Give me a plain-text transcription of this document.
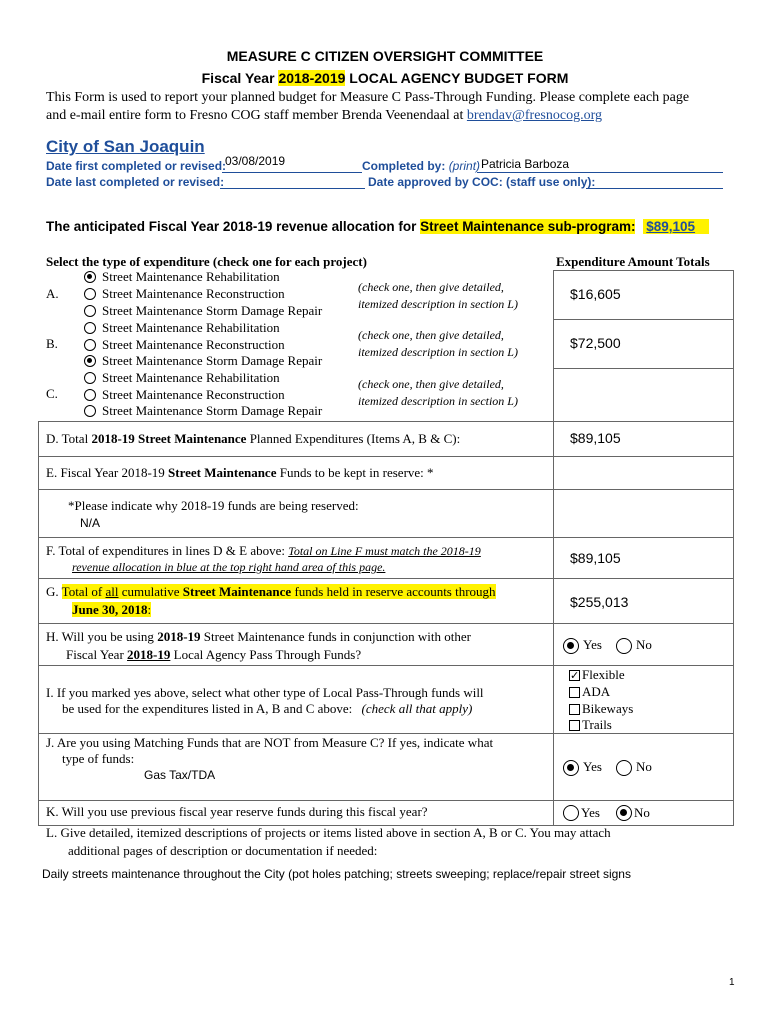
MEASURE C CITIZEN OVERSIGHT COMMITTEE
Fiscal Year 2018-2019 LOCAL AGENCY BUDGET FORM
This Form is used to report your planned budget for Measure C Pass-Through Funding. Please complete each page
and e-mail entire form to Fresno COG staff member Brenda Veenendaal at brendav@fresnocog.org
City of San Joaquin
Date first completed or revised:
03/08/2019	Completed by: (print) Patricia Barboza
Date last completed or revised:	Date approved by COC: (staff use only):
The anticipated Fiscal Year 2018-19 revenue allocation for Street Maintenance sub-program: $89,105
Select the type of expenditure (check one for each project)	Expenditure Amount Totals
A.
Street Maintenance Rehabilitation
Street Maintenance Reconstruction
Street Maintenance Storm Damage Repair
(check one, then give detailed,
itemized description in section L)
$16,605
B.
Street Maintenance Rehabilitation
Street Maintenance Reconstruction
Street Maintenance Storm Damage Repair
(check one, then give detailed,
itemized description in section L)
$72,500
C.
Street Maintenance Rehabilitation
Street Maintenance Reconstruction
Street Maintenance Storm Damage Repair
(check one, then give detailed,
itemized description in section L)
D. Total 2018-19 Street Maintenance Planned Expenditures (Items A, B & C):	$89,105
E. Fiscal Year 2018-19 Street Maintenance Funds to be kept in reserve: *
*Please indicate why 2018-19 funds are being reserved:
N/A
F. Total of expenditures in lines D & E above: Total on Line F must match the 2018-19
revenue allocation in blue at the top right hand area of this page.
$89,105
G. Total of all cumulative Street Maintenance funds held in reserve accounts through
June 30, 2018:	$255,013
H. Will you be using 2018-19 Street Maintenance funds in conjunction with other
Fiscal Year 2018-19 Local Agency Pass Through Funds?
Yes	No
I. If you marked yes above, select what other type of Local Pass-Through funds will
be used for the expenditures listed in A, B and C above: (check all that apply)
✓ Flexible
ADA
Bikeways
Trails
J. Are you using Matching Funds that are NOT from Measure C? If yes, indicate what
type of funds:
Gas Tax/TDA
Yes	No
K. Will you use previous fiscal year reserve funds during this fiscal year?	Yes	No
L. Give detailed, itemized descriptions of projects or items listed above in section A, B or C. You may attach
additional pages of description or documentation if needed:
Daily streets maintenance throughout the City (pot holes patching; streets sweeping; replace/repair street signs
1
